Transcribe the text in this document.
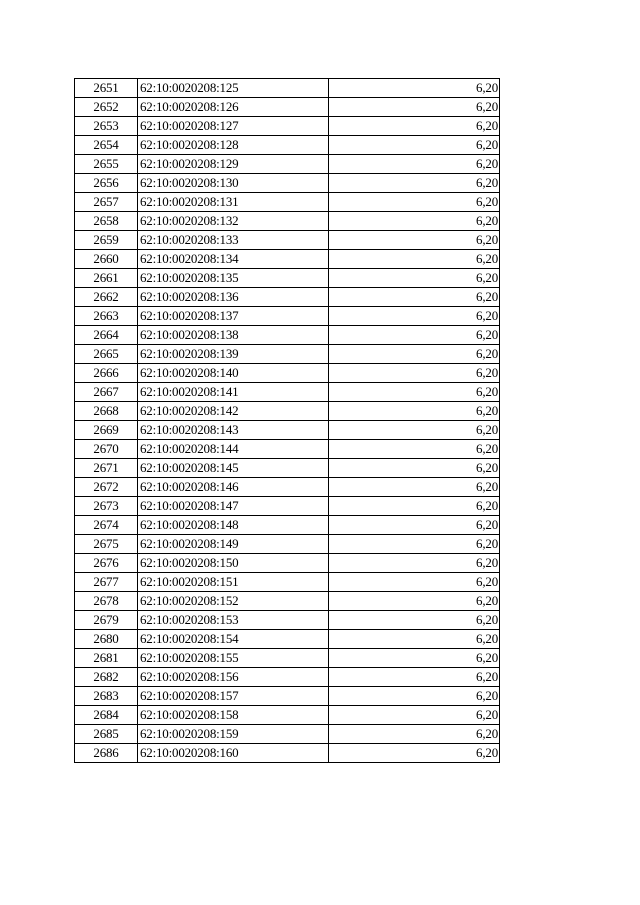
2651	62:10:0020208:125	6,20
2652	62:10:0020208:126	6,20
2653	62:10:0020208:127	6,20
2654	62:10:0020208:128	6,20
2655	62:10:0020208:129	6,20
2656	62:10:0020208:130	6,20
2657	62:10:0020208:131	6,20
2658	62:10:0020208:132	6,20
2659	62:10:0020208:133	6,20
2660	62:10:0020208:134	6,20
2661	62:10:0020208:135	6,20
2662	62:10:0020208:136	6,20
2663	62:10:0020208:137	6,20
2664	62:10:0020208:138	6,20
2665	62:10:0020208:139	6,20
2666	62:10:0020208:140	6,20
2667	62:10:0020208:141	6,20
2668	62:10:0020208:142	6,20
2669	62:10:0020208:143	6,20
2670	62:10:0020208:144	6,20
2671	62:10:0020208:145	6,20
2672	62:10:0020208:146	6,20
2673	62:10:0020208:147	6,20
2674	62:10:0020208:148	6,20
2675	62:10:0020208:149	6,20
2676	62:10:0020208:150	6,20
2677	62:10:0020208:151	6,20
2678	62:10:0020208:152	6,20
2679	62:10:0020208:153	6,20
2680	62:10:0020208:154	6,20
2681	62:10:0020208:155	6,20
2682	62:10:0020208:156	6,20
2683	62:10:0020208:157	6,20
2684	62:10:0020208:158	6,20
2685	62:10:0020208:159	6,20
2686	62:10:0020208:160	6,20
